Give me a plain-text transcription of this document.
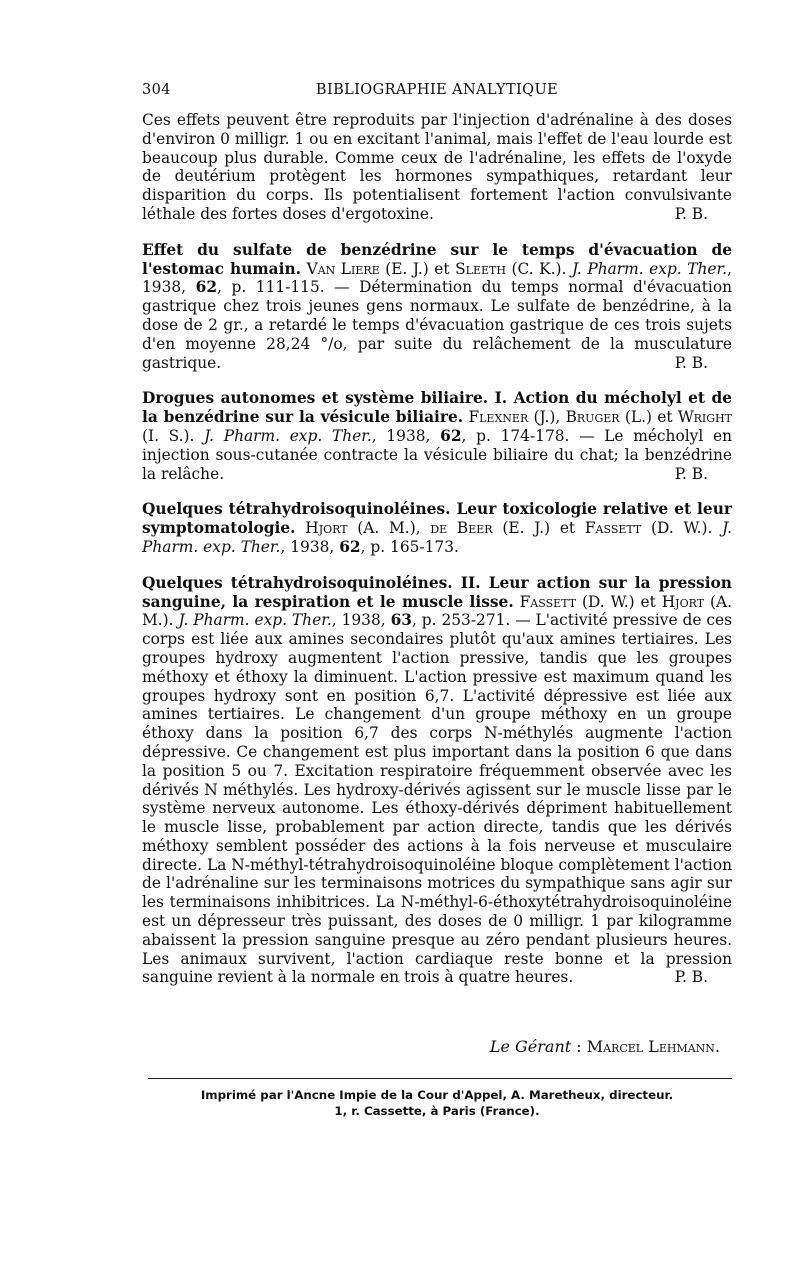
304	BIBLIOGRAPHIE ANALYTIQUE

Ces effets peuvent être reproduits par l'injection d'adrénaline à des doses d'environ 0 milligr. 1 ou en excitant l'animal, mais l'effet de l'eau lourde est beaucoup plus durable. Comme ceux de l'adrénaline, les effets de l'oxyde de deutérium protègent les hormones sympathiques, retardant leur disparition du corps. Ils potentialisent fortement l'action convulsivante léthale des fortes doses d'ergotoxine.	P. B.

Effet du sulfate de benzédrine sur le temps d'évacuation de l'estomac humain. Van Liere (E. J.) et Sleeth (C. K.). J. Pharm. exp. Ther., 1938, 62, p. 111-115. — Détermination du temps normal d'évacuation gastrique chez trois jeunes gens normaux. Le sulfate de benzédrine, à la dose de 2 gr., a retardé le temps d'évacuation gastrique de ces trois sujets d'en moyenne 28,24 °/o, par suite du relâchement de la musculature gastrique.	P. B.

Drogues autonomes et système biliaire. I. Action du mécholyl et de la benzédrine sur la vésicule biliaire. Flexner (J.), Bruger (L.) et Wright (I. S.). J. Pharm. exp. Ther., 1938, 62, p. 174-178. — Le mécholyl en injection sous-cutanée contracte la vésicule biliaire du chat; la benzédrine la relâche.	P. B.

Quelques tétrahydroisoquinoléines. Leur toxicologie relative et leur symptomatologie. Hjort (A. M.), de Beer (E. J.) et Fassett (D. W.). J. Pharm. exp. Ther., 1938, 62, p. 165-173.

Quelques tétrahydroisoquinoléines. II. Leur action sur la pression sanguine, la respiration et le muscle lisse. Fassett (D. W.) et Hjort (A. M.). J. Pharm. exp. Ther., 1938, 63, p. 253-271. — L'activité pressive de ces corps est liée aux amines secondaires plutôt qu'aux amines tertiaires. Les groupes hydroxy augmentent l'action pressive, tandis que les groupes méthoxy et éthoxy la diminuent. L'action pressive est maximum quand les groupes hydroxy sont en position 6,7. L'activité dépressive est liée aux amines tertiaires. Le changement d'un groupe méthoxy en un groupe éthoxy dans la position 6,7 des corps N-méthylés augmente l'action dépressive. Ce changement est plus important dans la position 6 que dans la position 5 ou 7. Excitation respiratoire fréquemment observée avec les dérivés N méthylés. Les hydroxy-dérivés agissent sur le muscle lisse par le système nerveux autonome. Les éthoxy-dérivés dépriment habituellement le muscle lisse, probablement par action directe, tandis que les dérivés méthoxy semblent posséder des actions à la fois nerveuse et musculaire directe. La N-méthyl-tétrahydroisoquinoléine bloque complètement l'action de l'adrénaline sur les terminaisons motrices du sympathique sans agir sur les terminaisons inhibitrices. La N-méthyl-6-éthoxytétrahydroisoquinoléine est un dépresseur très puissant, des doses de 0 milligr. 1 par kilogramme abaissent la pression sanguine presque au zéro pendant plusieurs heures. Les animaux survivent, l'action cardiaque reste bonne et la pression sanguine revient à la normale en trois à quatre heures.	P. B.

Le Gérant : Marcel Lehmann.
Imprimé par l'Ancne Impie de la Cour d'Appel, A. Maretheux, directeur.
1, r. Cassette, à Paris (France).
